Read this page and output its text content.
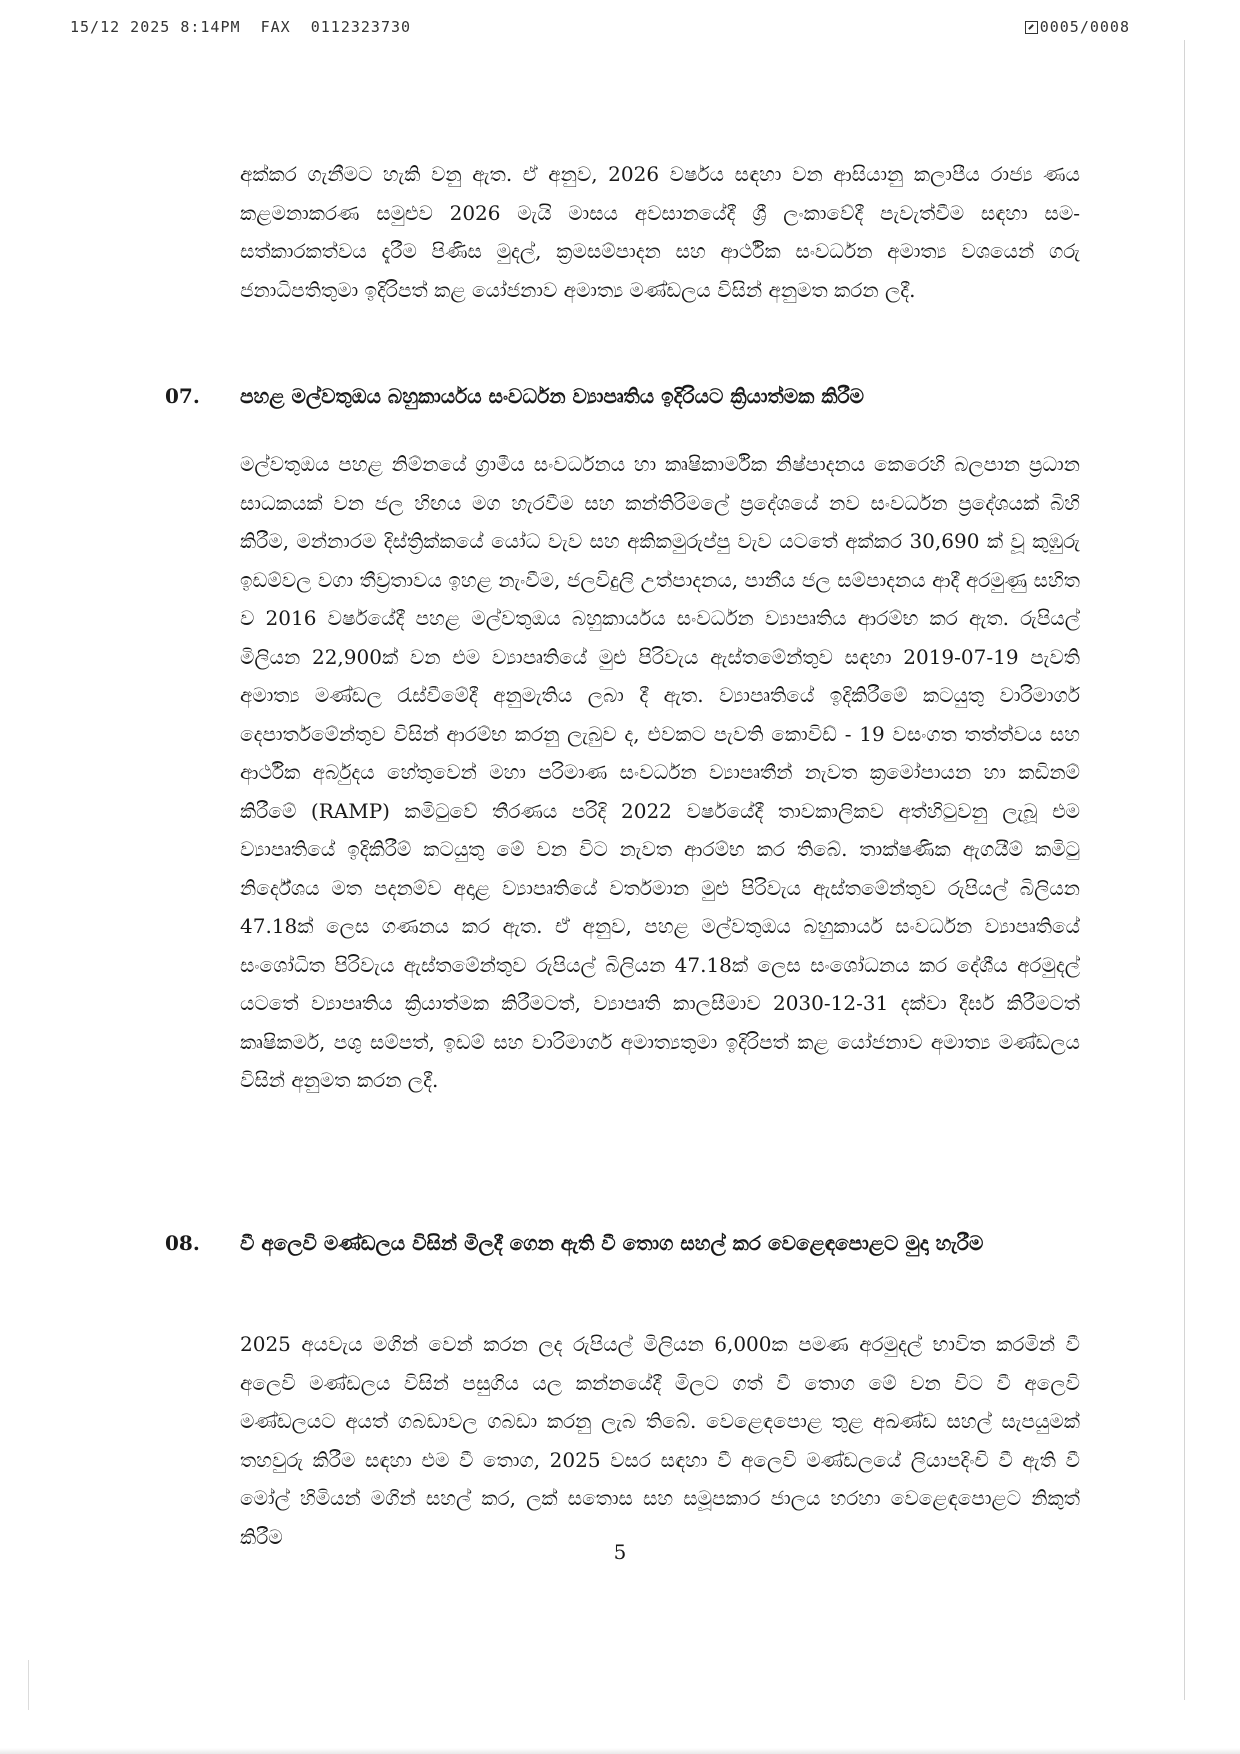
15/12 2025 8:14PM  FAX  0112323730	0005/0008

අක්කර ගැනීමට හැකි වනු ඇත. ඒ අනුව, 2026 වර්ෂය සඳහා වන ආසියානු කලාපීය රාජ්‍ය ණය කළමනාකරණ සමුළුව 2026 මැයි මාසය අවසානයේදී ශ්‍රී ලංකාවේදී පැවැත්වීම සඳහා සම-සත්කාරකත්වය දැරීම පිණිස මුදල්, ක්‍රමසම්පාදන සහ ආර්ථික සංවර්ධන අමාත්‍ය වශයෙන් ගරු ජනාධිපතිතුමා ඉදිරිපත් කළ යෝජනාව අමාත්‍ය මණ්ඩලය විසින් අනුමත කරන ලදී.

07.	පහළ මල්වතුඔය බහුකාර්යය සංවර්ධන ව්‍යාපෘතිය ඉදිරියට ක්‍රියාත්මක කිරීම

මල්වතුඔය පහළ නිම්නයේ ග්‍රාමීය සංවර්ධනය හා කෘෂිකාර්මික නිෂ්පාදනය කෙරෙහි බලපාන ප්‍රධාන සාධකයක් වන ජල හිඟය මග හැරවීම සහ කන්තිරිමලේ ප්‍රදේශයේ නව සංවර්ධන ප්‍රදේශයක් බිහි කිරීම, මන්නාරම දිස්ත්‍රික්කයේ යෝධ වැව සහ අකිකමුරුප්පු වැව යටතේ අක්කර 30,690 ක් වූ කුඹුරු ඉඩම්වල වගා තීව්‍රතාවය ඉහළ නැංවීම, ජලවිදුලි උත්පාදනය, පානීය ජල සම්පාදනය ආදී අරමුණු සහිත ව 2016 වර්ෂයේදී පහළ මල්වතුඔය බහුකාර්යය සංවර්ධන ව්‍යාපෘතිය ආරම්භ කර ඇත. රුපියල් මිලියන 22,900ක් වන එම ව්‍යාපෘතියේ මුළු පිරිවැය ඇස්තමේන්තුව සඳහා 2019-07-19 පැවති අමාත්‍ය මණ්ඩල රැස්වීමේදී අනුමැතිය ලබා දී ඇත. ව්‍යාපෘතියේ ඉදිකිරීමේ කටයුතු වාරිමාර්ග දෙපාර්තමේන්තුව විසින් ආරම්භ කරනු ලැබුව ද, එවකට පැවති කොවිඩ් - 19 වසංගත තත්ත්වය සහ ආර්ථික අර්බුදය හේතුවෙන් මහා පරිමාණ සංවර්ධන ව්‍යාපෘතීන් නැවත ක්‍රමෝපායන හා කඩිනම් කිරීමේ (RAMP) කමිටුවේ තීරණය පරිදි 2022 වර්ෂයේදී තාවකාලිකව අත්හිටුවනු ලැබූ එම ව්‍යාපෘතියේ ඉදිකිරීම් කටයුතු මේ වන විට නැවත ආරම්භ කර තිබේ. තාක්ෂණික ඇගයීම් කමිටු නිර්දේශය මත පදනම්ව අදාළ ව්‍යාපෘතියේ වර්තමාන මුළු පිරිවැය ඇස්තමේන්තුව රුපියල් බිලියන 47.18ක් ලෙස ගණනය කර ඇත. ඒ අනුව, පහළ මල්වතුඔය බහුකාර්ය සංවර්ධන ව්‍යාපෘතියේ සංශෝධිත පිරිවැය ඇස්තමේන්තුව රුපියල් බිලියන 47.18ක් ලෙස සංශෝධනය කර දේශීය අරමුදල් යටතේ ව්‍යාපෘතිය ක්‍රියාත්මක කිරීමටත්, ව්‍යාපෘති කාලසීමාව 2030-12-31 දක්වා දීර්ඝ කිරීමටත් කෘෂිකර්ම, පශු සම්පත්, ඉඩම් සහ වාරිමාර්ග අමාත්‍යතුමා ඉදිරිපත් කළ යෝජනාව අමාත්‍ය මණ්ඩලය විසින් අනුමත කරන ලදී.

08.	වී අලෙවි මණ්ඩලය විසින් මිලදී ගෙන ඇති වී තොග සහල් කර වෙළෙඳපොළට මුදා හැරීම

2025 අයවැය මගින් වෙන් කරන ලද රුපියල් මිලියන 6,000ක පමණ අරමුදල් භාවිත කරමින් වී අලෙවි මණ්ඩලය විසින් පසුගිය යල කන්නයේදී මිලට ගත් වී තොග මේ වන විට වී අලෙවි මණ්ඩලයට අයත් ගබඩාවල ගබඩා කරනු ලැබ තිබේ. වෙළෙඳපොළ තුළ අඛණ්ඩ සහල් සැපයුමක් තහවුරු කිරීම සඳහා එම වී තොග, 2025 වසර සඳහා වී අලෙවි මණ්ඩලයේ ලියාපදිංචි වී ඇති වී මෝල් හිමියන් මගින් සහල් කර, ලක් සතොස සහ සමූපකාර ජාලය හරහා වෙළෙඳපොළට නිකුත් කිරීම

5
